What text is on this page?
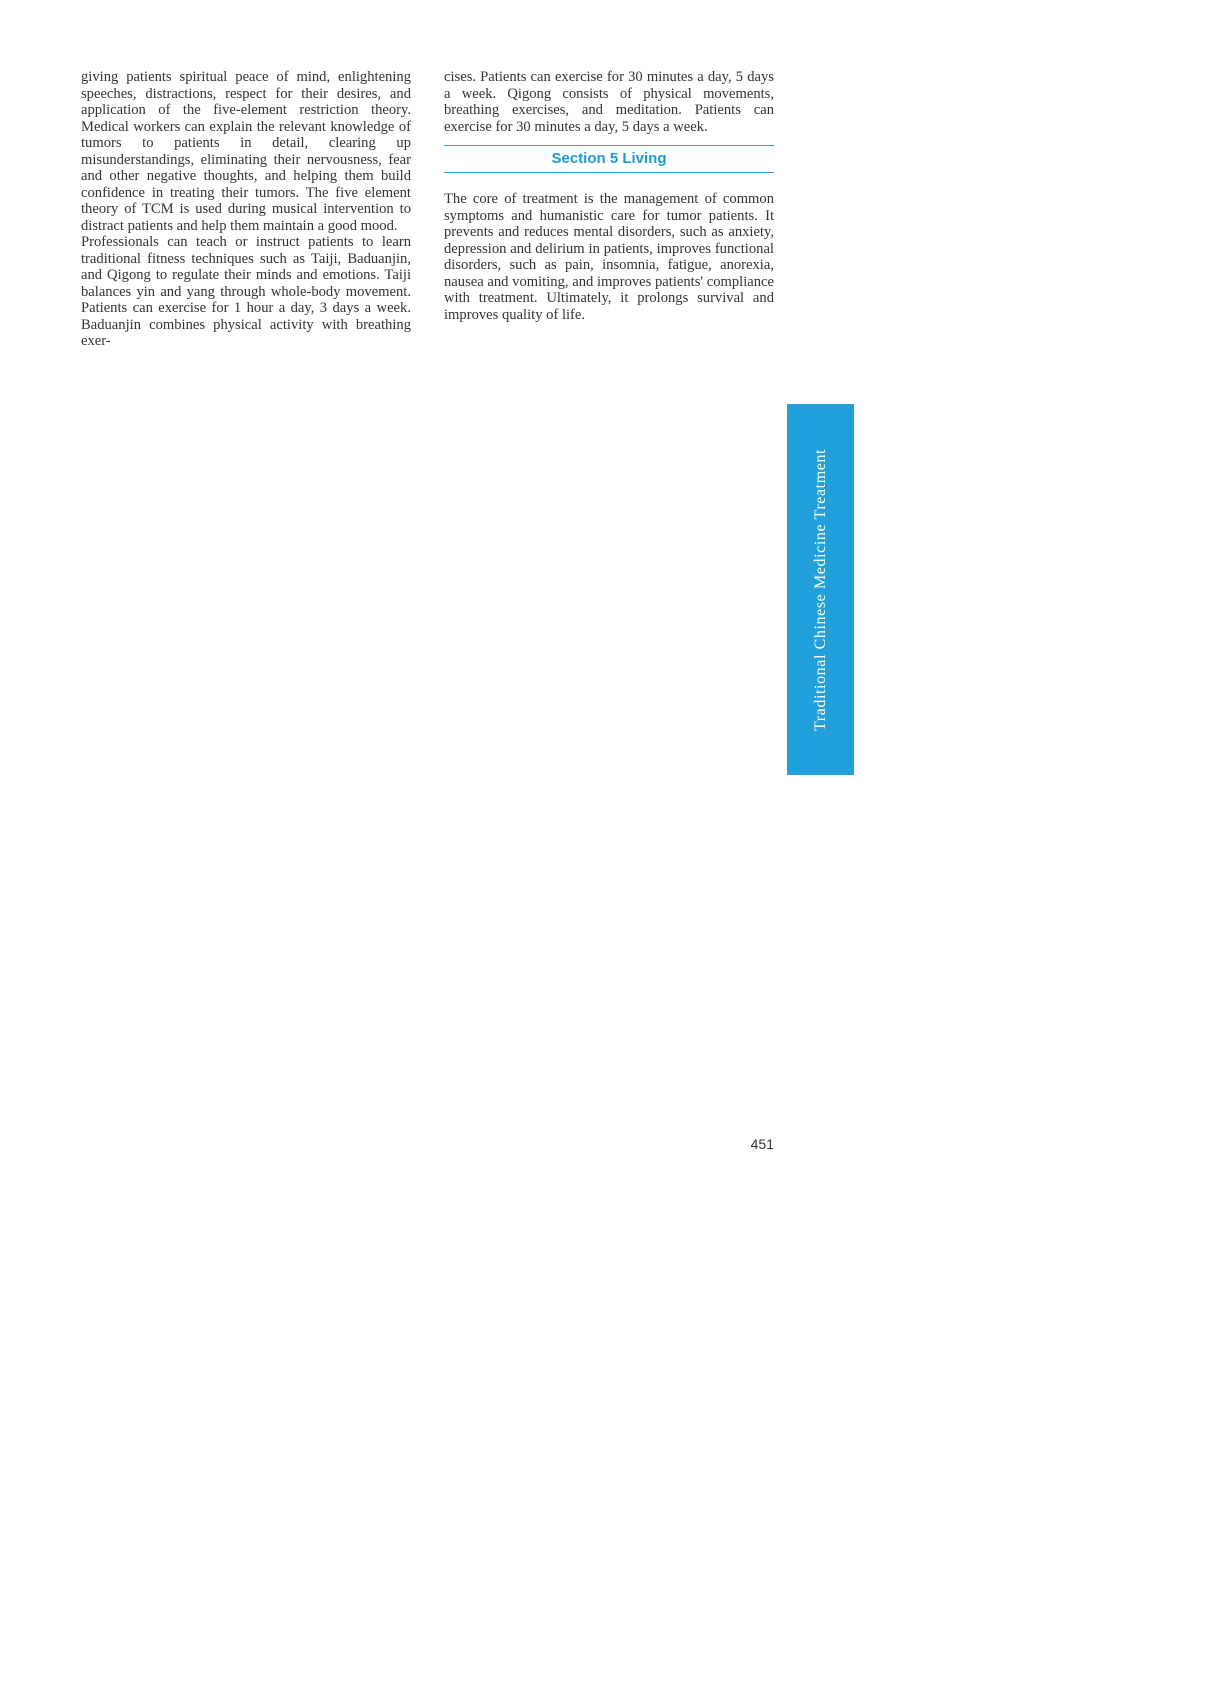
giving patients spiritual peace of mind, enlightening speeches, distractions, respect for their desires, and application of the five-element restriction theory. Medical workers can explain the relevant knowledge of tumors to patients in detail, clearing up misunderstandings, eliminating their nervousness, fear and other negative thoughts, and helping them build confidence in treating their tumors. The five element theory of TCM is used during musical intervention to distract patients and help them maintain a good mood.

Professionals can teach or instruct patients to learn traditional fitness techniques such as Taiji, Baduanjin, and Qigong to regulate their minds and emotions. Taiji balances yin and yang through whole-body movement. Patients can exercise for 1 hour a day, 3 days a week. Baduanjin combines physical activity with breathing exer-

cises. Patients can exercise for 30 minutes a day, 5 days a week. Qigong consists of physical movements, breathing exercises, and meditation. Patients can exercise for 30 minutes a day, 5 days a week.

Section 5 Living

The core of treatment is the management of common symptoms and humanistic care for tumor patients. It prevents and reduces mental disorders, such as anxiety, depression and delirium in patients, improves functional disorders, such as pain, insomnia, fatigue, anorexia, nausea and vomiting, and improves patients' compliance with treatment. Ultimately, it prolongs survival and improves quality of life.

Traditional Chinese Medicine Treatment
451
